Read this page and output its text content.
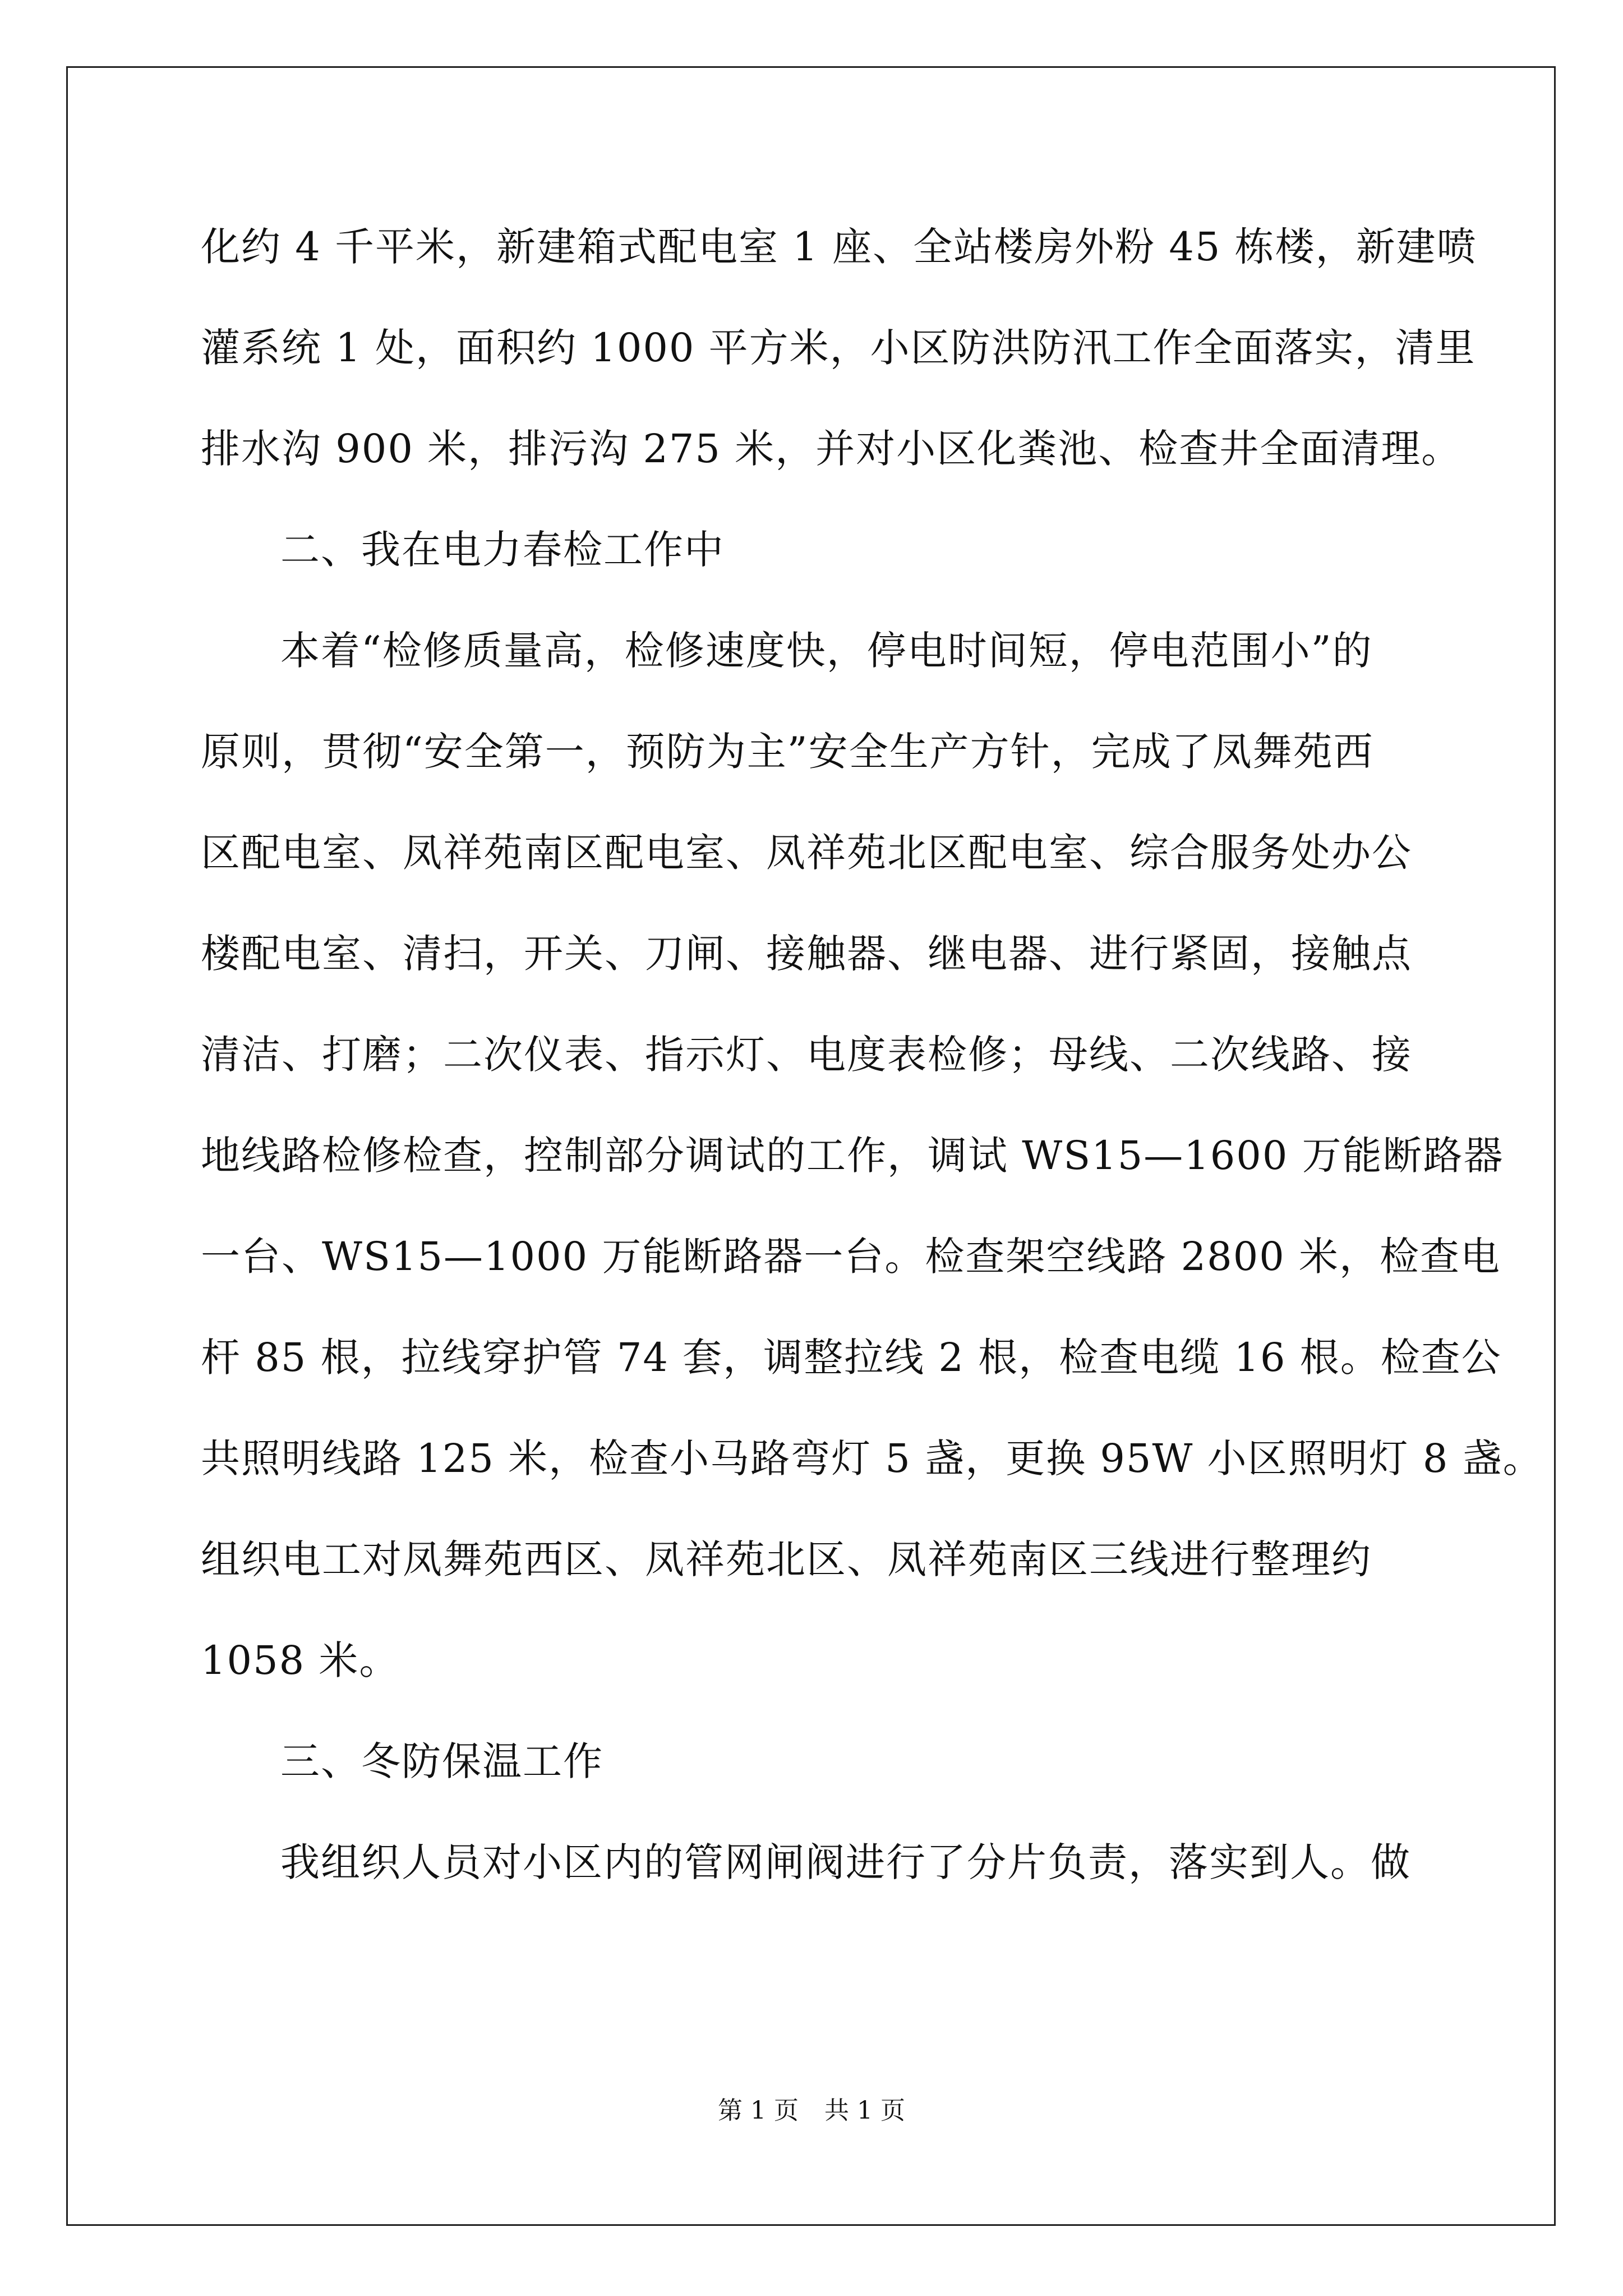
化约 4 千平米，新建箱式配电室 1 座、全站楼房外粉 45 栋楼，新建喷
灌系统 1 处，面积约 1000 平方米，小区防洪防汛工作全面落实，清里
排水沟 900 米，排污沟 275 米，并对小区化粪池、检查井全面清理。
二、我在电力春检工作中
本着“检修质量高，检修速度快，停电时间短，停电范围小”的
原则，贯彻“安全第一，预防为主”安全生产方针，完成了凤舞苑西
区配电室、凤祥苑南区配电室、凤祥苑北区配电室、综合服务处办公
楼配电室、清扫，开关、刀闸、接触器、继电器、进行紧固，接触点
清洁、打磨；二次仪表、指示灯、电度表检修；母线、二次线路、接
地线路检修检查，控制部分调试的工作，调试 WS15—1600 万能断路器
一台、WS15—1000 万能断路器一台。检查架空线路 2800 米，检查电
杆 85 根，拉线穿护管 74 套，调整拉线 2 根，检查电缆 16 根。检查公
共照明线路 125 米，检查小马路弯灯 5 盏，更换 95W 小区照明灯 8 盏。
组织电工对凤舞苑西区、凤祥苑北区、凤祥苑南区三线进行整理约
1058 米。
三、冬防保温工作
我组织人员对小区内的管网闸阀进行了分片负责，落实到人。做
第 1 页 共 1 页
